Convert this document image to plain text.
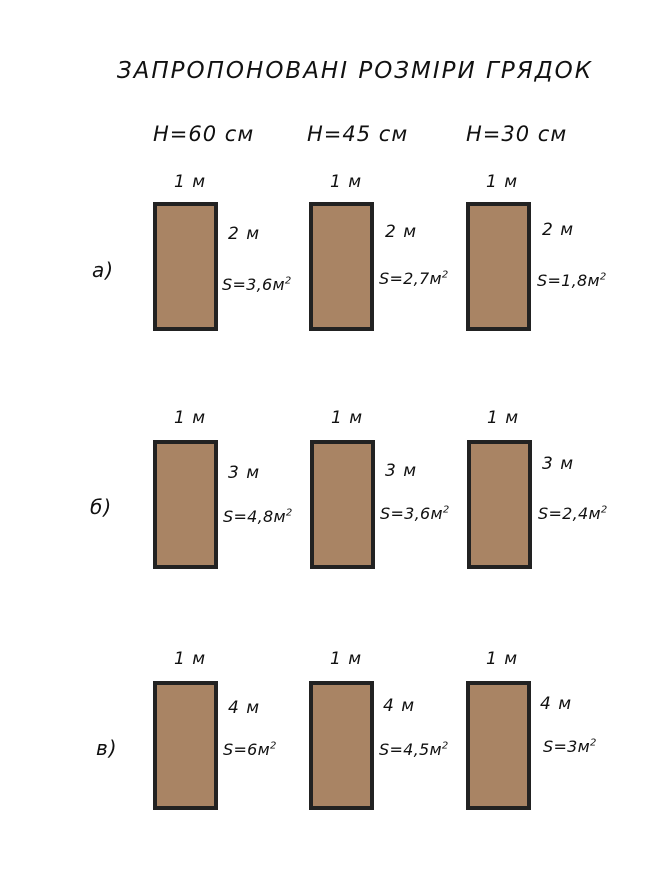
ЗАПРОПОНОВАНІ РОЗМІРИ ГРЯДОК
H=60 см	H=45 см	H=30 см
а)
1 м
2 м
$S=3,6м^2$
1 м
2 м
$S=2,7м^2$
1 м
2 м
$S=1,8м^2$
б)
1 м
3 м
$S=4,8м^2$
1 м
3 м
$S=3,6м^2$
1 м
3 м
$S=2,4м^2$
в)
1 м
4 м
$S=6м^2$
1 м
4 м
$S=4,5м^2$
1 м
4 м
$S=3м^2$
